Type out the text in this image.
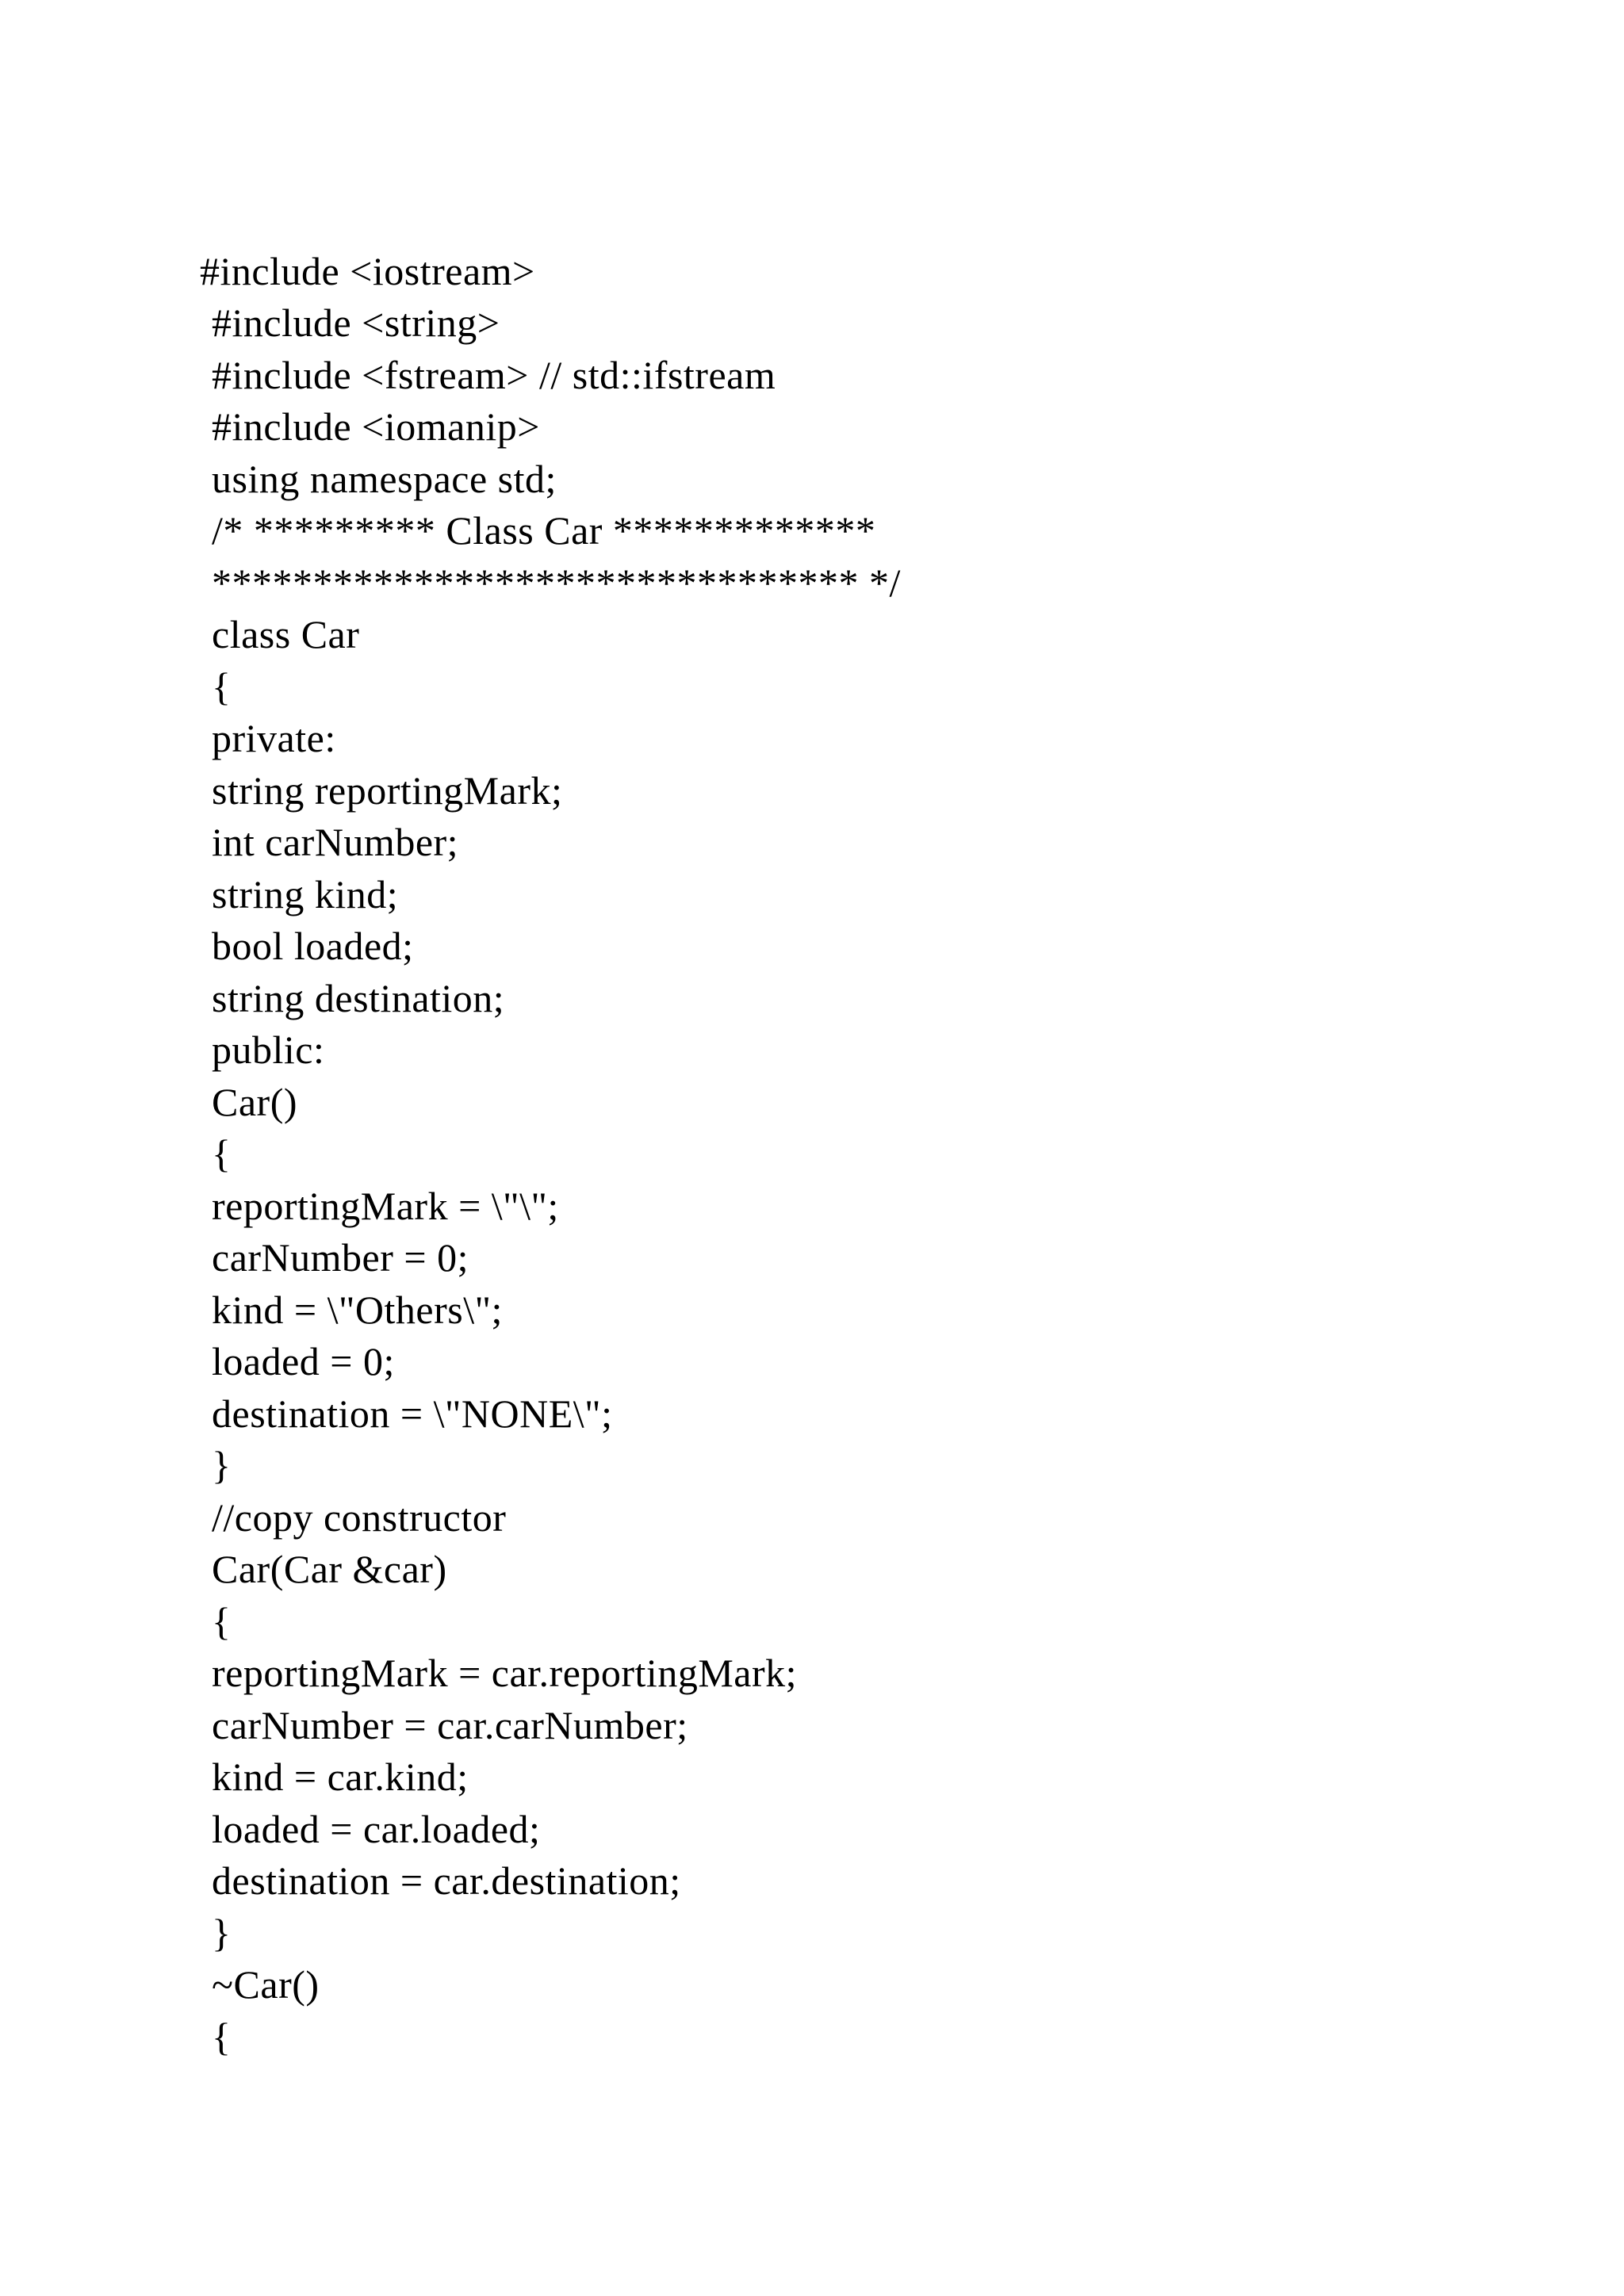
#include <iostream>
#include <string>
#include <fstream> // std::ifstream
#include <iomanip>
using namespace std;
/* ********* Class Car *************
******************************** */
class Car
{
private:
string reportingMark;
int carNumber;
string kind;
bool loaded;
string destination;
public:
Car()
{
reportingMark = \"\";
carNumber = 0;
kind = \"Others\";
loaded = 0;
destination = \"NONE\";
}
//copy constructor
Car(Car &car)
{
reportingMark = car.reportingMark;
carNumber = car.carNumber;
kind = car.kind;
loaded = car.loaded;
destination = car.destination;
}
~Car()
{
